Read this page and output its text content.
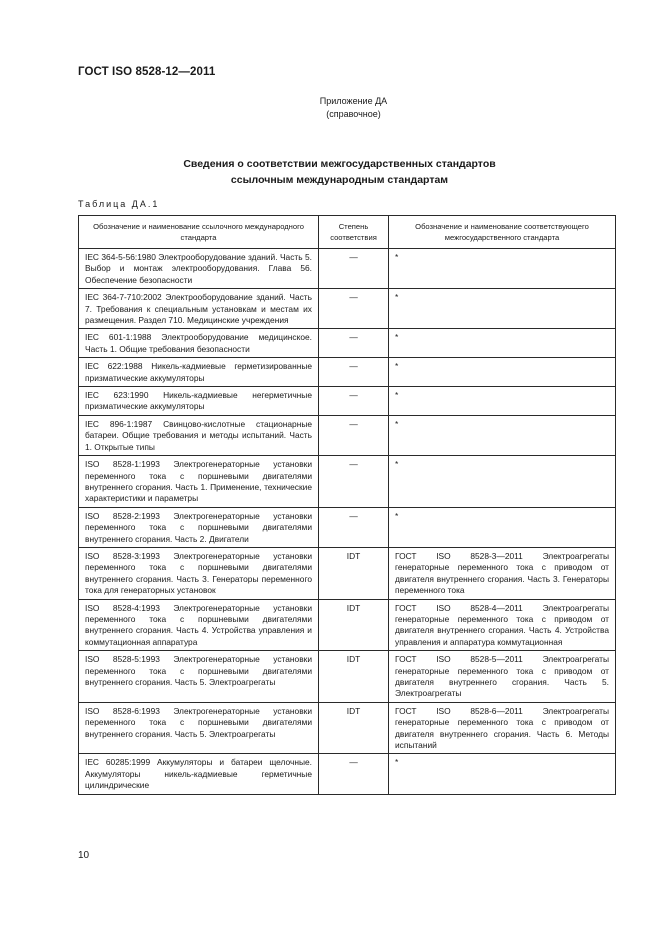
ГОСТ ISO 8528-12—2011
Приложение ДА
(справочное)
Сведения о соответствии межгосударственных стандартов
ссылочным международным стандартам
Таблица ДА.1
Обозначение и наименование ссылочного международного стандарта	Степень соответствия	Обозначение и наименование соответствующего межгосударственного стандарта
IEC 364-5-56:1980 Электрооборудование зданий. Часть 5. Выбор и монтаж электрооборудования. Глава 56. Обеспечение безопасности	—	*
IEC 364-7-710:2002 Электрооборудование зданий. Часть 7. Требования к специальным установкам и местам их размещения. Раздел 710. Медицинские учреждения	—	*
IEC 601-1:1988 Электрооборудование медицинское. Часть 1. Общие требования безопасности	—	*
IEC 622:1988 Никель-кадмиевые герметизированные призматические аккумуляторы	—	*
IEC 623:1990 Никель-кадмиевые негерметичные призматические аккумуляторы	—	*
IEC 896-1:1987 Свинцово-кислотные стационарные батареи. Общие требования и методы испытаний. Часть 1. Открытые типы	—	*
ISO 8528-1:1993 Электрогенераторные установки переменного тока с поршневыми двигателями внутреннего сгорания. Часть 1. Применение, технические характеристики и параметры	—	*
ISO 8528-2:1993 Электрогенераторные установки переменного тока с поршневыми двигателями внутреннего сгорания. Часть 2. Двигатели	—	*
ISO 8528-3:1993 Электрогенераторные установки переменного тока с поршневыми двигателями внутреннего сгорания. Часть 3. Генераторы переменного тока для генераторных установок	IDT	ГОСТ ISO 8528-3—2011 Электроагрегаты генераторные переменного тока с приводом от двигателя внутреннего сгорания. Часть 3. Генераторы переменного тока
ISO 8528-4:1993 Электрогенераторные установки переменного тока с поршневыми двигателями внутреннего сгорания. Часть 4. Устройства управления и коммутационная аппаратура	IDT	ГОСТ ISO 8528-4—2011 Электроагрегаты генераторные переменного тока с приводом от двигателя внутреннего сгорания. Часть 4. Устройства управления и аппаратура коммутационная
ISO 8528-5:1993 Электрогенераторные установки переменного тока с поршневыми двигателями внутреннего сгорания. Часть 5. Электроагрегаты	IDT	ГОСТ ISO 8528-5—2011 Электроагрегаты генераторные переменного тока с приводом от двигателя внутреннего сгорания. Часть 5. Электроагрегаты
ISO 8528-6:1993 Электрогенераторные установки переменного тока с поршневыми двигателями внутреннего сгорания. Часть 5. Электроагрегаты	IDT	ГОСТ ISO 8528-6—2011 Электроагрегаты генераторные переменного тока с приводом от двигателя внутреннего сгорания. Часть 6. Методы испытаний
IEC 60285:1999 Аккумуляторы и батареи щелочные. Аккумуляторы никель-кадмиевые герметичные цилиндрические	—	*
10
